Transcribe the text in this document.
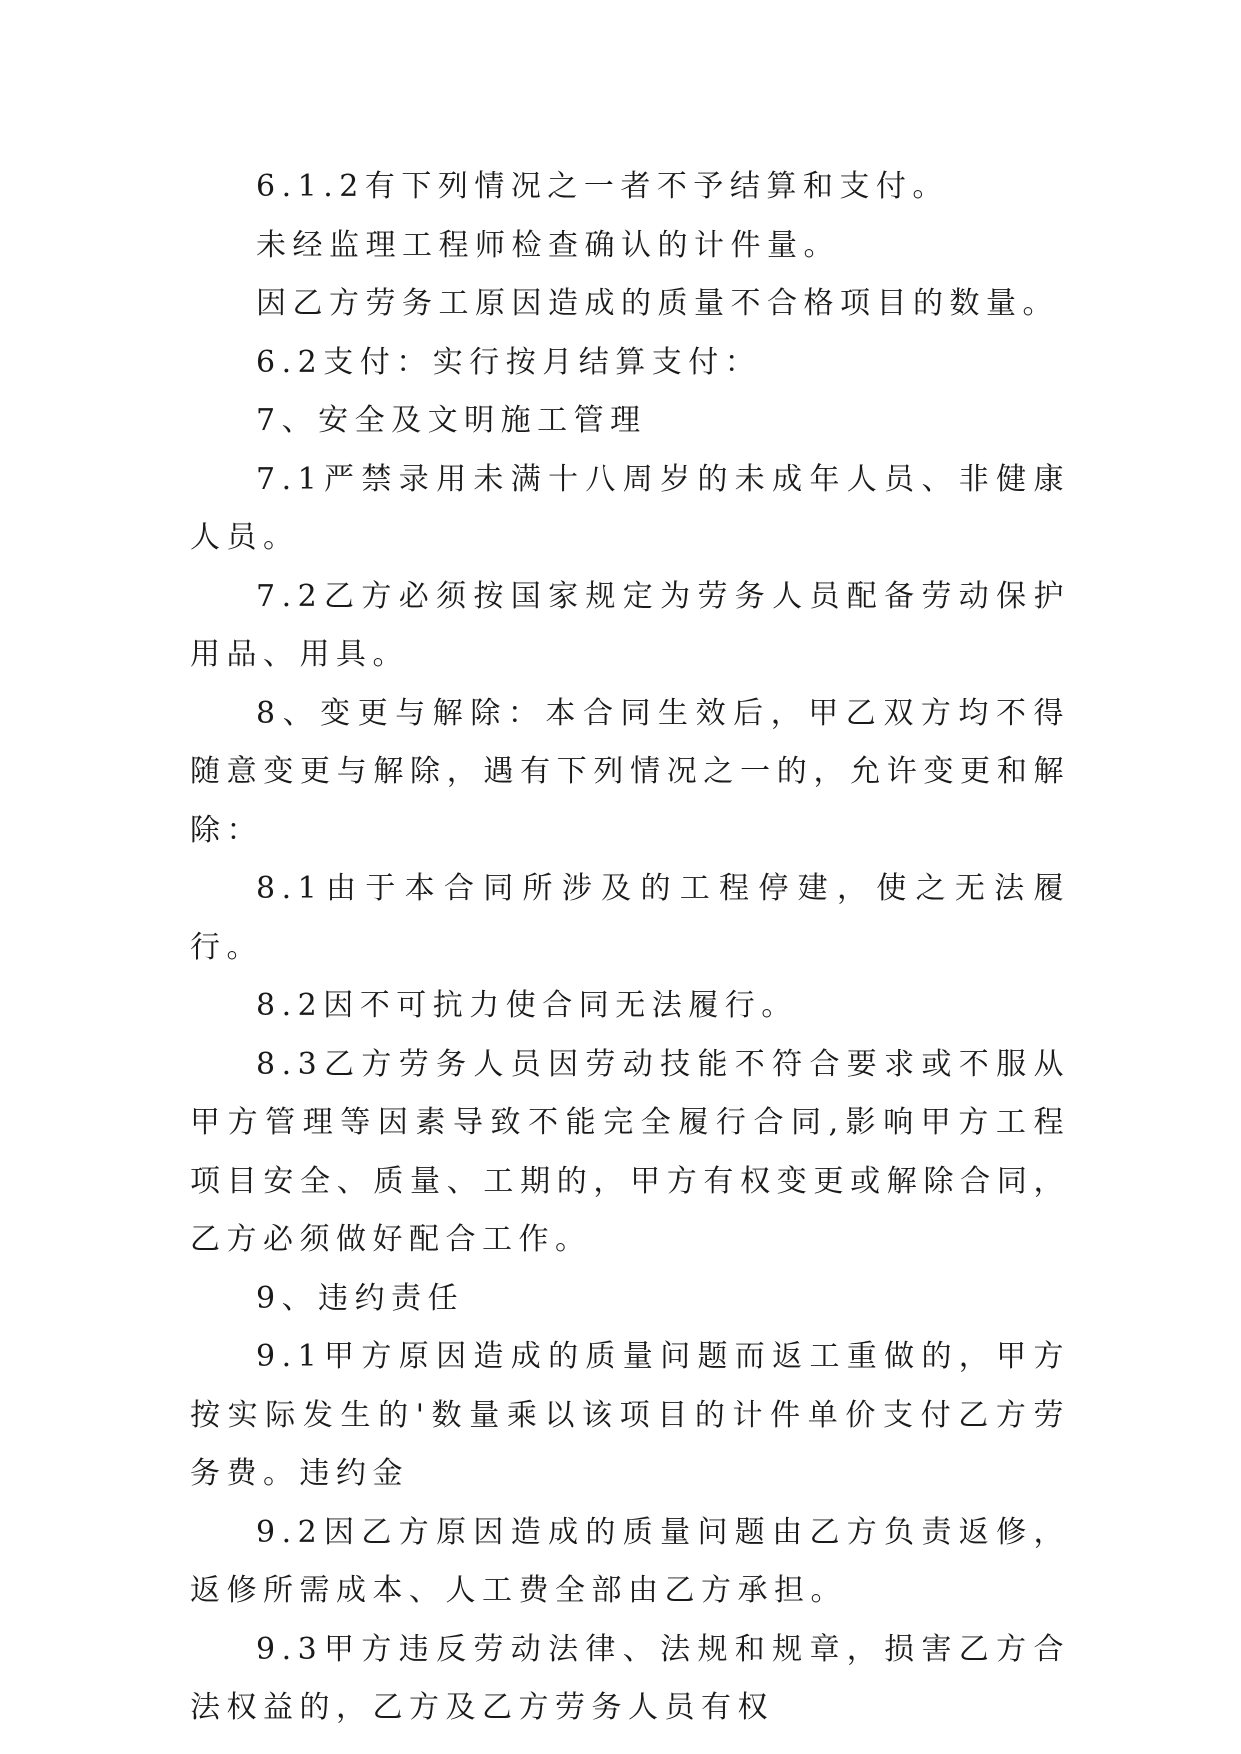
6.1.2有下列情况之一者不予结算和支付。

未经监理工程师检查确认的计件量。

因乙方劳务工原因造成的质量不合格项目的数量。

6.2支付：实行按月结算支付：

7、安全及文明施工管理

7.1严禁录用未满十八周岁的未成年人员、非健康人员。

7.2乙方必须按国家规定为劳务人员配备劳动保护用品、用具。

8、变更与解除：本合同生效后，甲乙双方均不得随意变更与解除，遇有下列情况之一的，允许变更和解除：

8.1由于本合同所涉及的工程停建，使之无法履行。

8.2因不可抗力使合同无法履行。

8.3乙方劳务人员因劳动技能不符合要求或不服从甲方管理等因素导致不能完全履行合同,影响甲方工程项目安全、质量、工期的，甲方有权变更或解除合同，乙方必须做好配合工作。

9、违约责任

9.1甲方原因造成的质量问题而返工重做的，甲方按实际发生的'数量乘以该项目的计件单价支付乙方劳务费。违约金

9.2因乙方原因造成的质量问题由乙方负责返修，返修所需成本、人工费全部由乙方承担。

9.3甲方违反劳动法律、法规和规章，损害乙方合法权益的，乙方及乙方劳务人员有权
